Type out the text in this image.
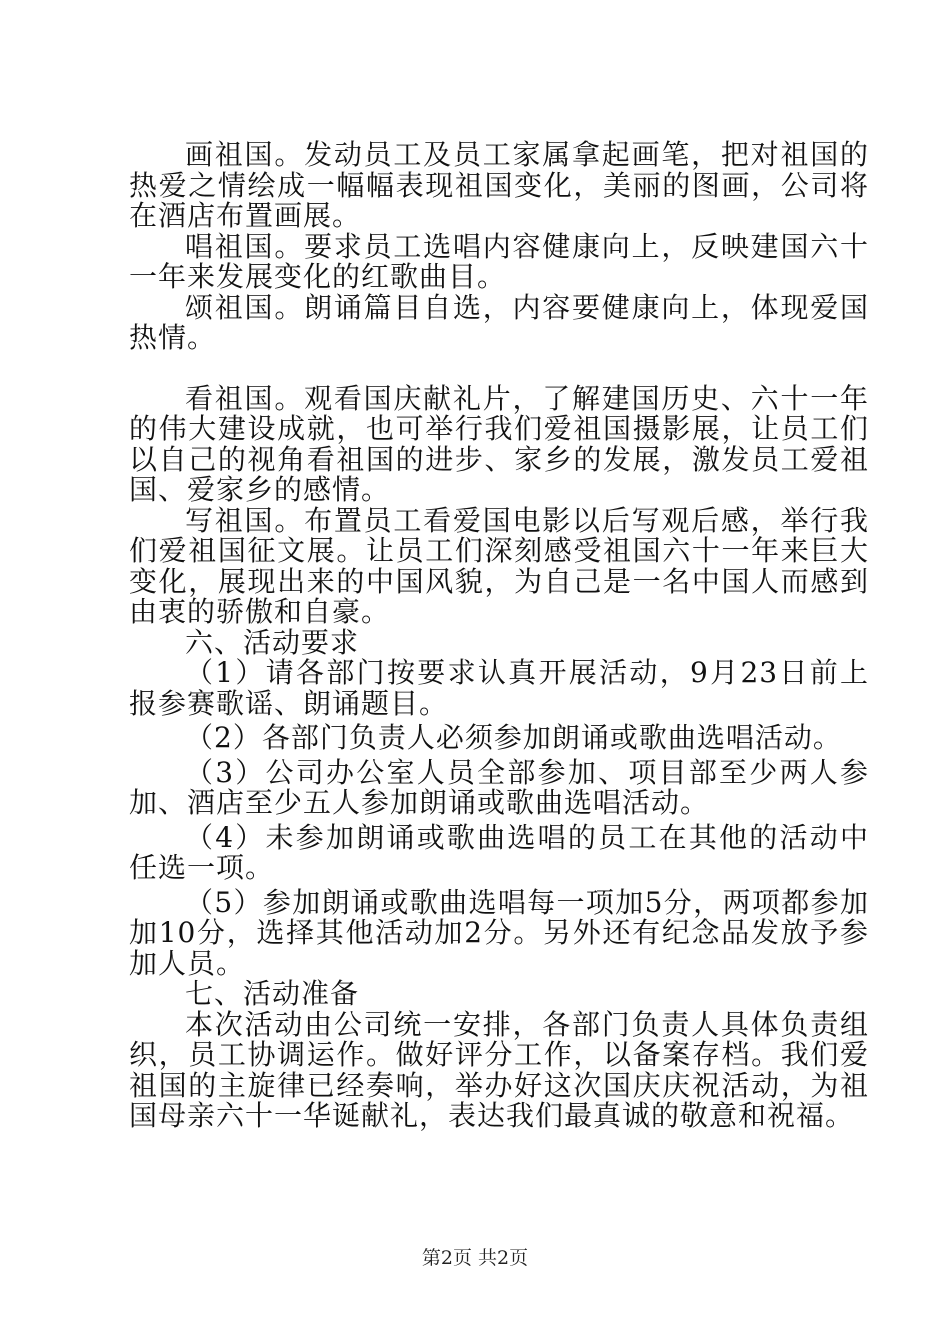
画祖国。发动员工及员工家属拿起画笔，把对祖国的热爱之情绘成一幅幅表现祖国变化，美丽的图画，公司将在酒店布置画展。

唱祖国。要求员工选唱内容健康向上，反映建国六十一年来发展变化的红歌曲目。

颂祖国。朗诵篇目自选，内容要健康向上，体现爱国热情。

看祖国。观看国庆献礼片，了解建国历史、六十一年的伟大建设成就，也可举行我们爱祖国摄影展，让员工们以自己的视角看祖国的进步、家乡的发展，激发员工爱祖国、爱家乡的感情。

写祖国。布置员工看爱国电影以后写观后感，举行我们爱祖国征文展。让员工们深刻感受祖国六十一年来巨大变化，展现出来的中国风貌，为自己是一名中国人而感到由衷的骄傲和自豪。

六、活动要求

（1）请各部门按要求认真开展活动，9月23日前上报参赛歌谣、朗诵题目。

（2）各部门负责人必须参加朗诵或歌曲选唱活动。

（3）公司办公室人员全部参加、项目部至少两人参加、酒店至少五人参加朗诵或歌曲选唱活动。

（4）未参加朗诵或歌曲选唱的员工在其他的活动中任选一项。

（5）参加朗诵或歌曲选唱每一项加5分，两项都参加加10分，选择其他活动加2分。另外还有纪念品发放予参加人员。

七、活动准备

本次活动由公司统一安排，各部门负责人具体负责组织，员工协调运作。做好评分工作，以备案存档。我们爱祖国的主旋律已经奏响，举办好这次国庆庆祝活动，为祖国母亲六十一华诞献礼，表达我们最真诚的敬意和祝福。

第2页 共2页
